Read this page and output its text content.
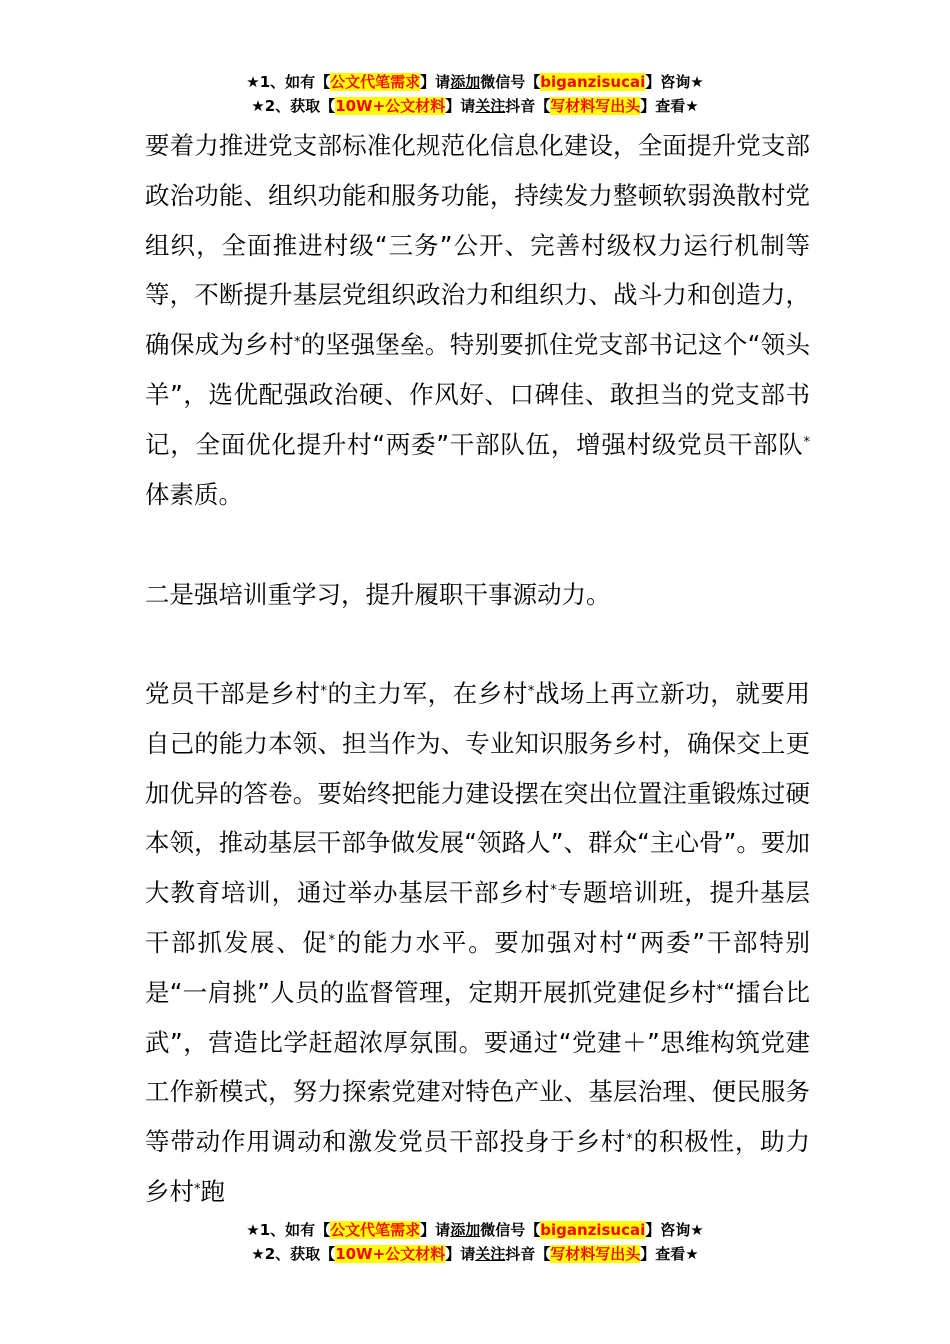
★1、如有【公文代笔需求】请添加微信号【biganzisucai】咨询★
★2、获取【10W+公文材料】请关注抖音【写材料写出头】查看★

要着力推进党支部标准化规范化信息化建设，全面提升党支部政治功能、组织功能和服务功能，持续发力整顿软弱涣散村党组织，全面推进村级“三务”公开、完善村级权力运行机制等等，不断提升基层党组织政治力和组织力、战斗力和创造力，确保成为乡村*的坚强堡垒。特别要抓住党支部书记这个“领头羊”，选优配强政治硬、作风好、口碑佳、敢担当的党支部书记，全面优化提升村“两委”干部队伍，增强村级党员干部队*体素质。

二是强培训重学习，提升履职干事源动力。

党员干部是乡村*的主力军，在乡村*战场上再立新功，就要用自己的能力本领、担当作为、专业知识服务乡村，确保交上更加优异的答卷。要始终把能力建设摆在突出位置注重锻炼过硬本领，推动基层干部争做发展“领路人”、群众“主心骨”。要加大教育培训，通过举办基层干部乡村*专题培训班，提升基层干部抓发展、促*的能力水平。要加强对村“两委”干部特别是“一肩挑”人员的监督管理，定期开展抓党建促乡村*“擂台比武”，营造比学赶超浓厚氛围。要通过“党建＋”思维构筑党建工作新模式，努力探索党建对特色产业、基层治理、便民服务等带动作用调动和激发党员干部投身于乡村*的积极性，助力乡村*跑

★1、如有【公文代笔需求】请添加微信号【biganzisucai】咨询★
★2、获取【10W+公文材料】请关注抖音【写材料写出头】查看★
